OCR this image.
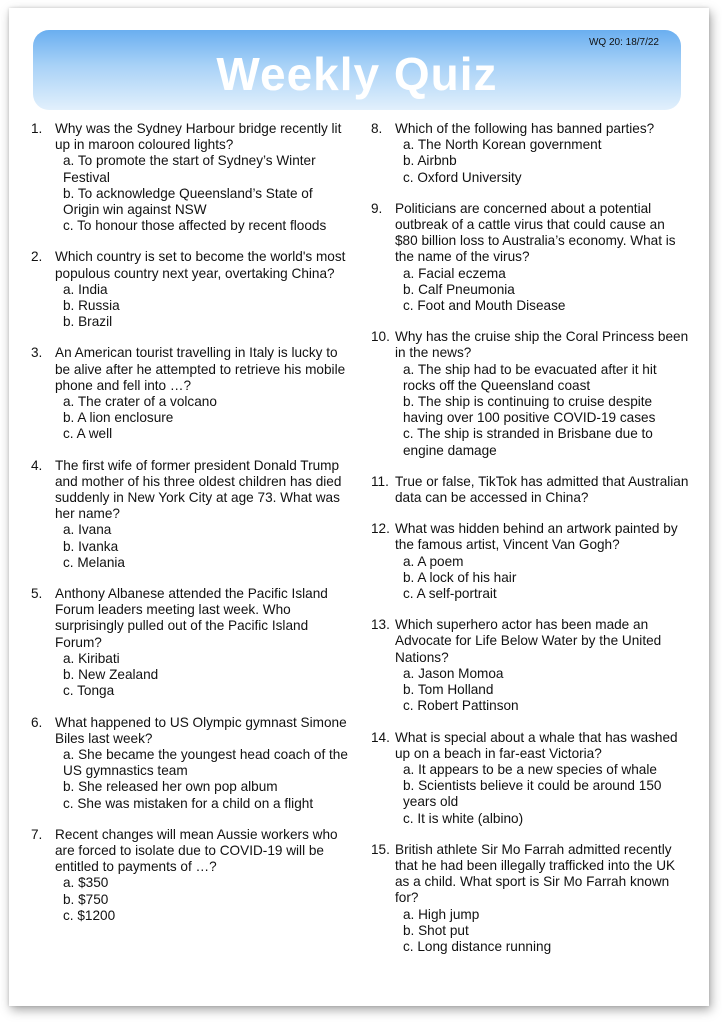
WQ 20: 18/7/22
Weekly Quiz
1. Why was the Sydney Harbour bridge recently lit up in maroon coloured lights?
a. To promote the start of Sydney’s Winter Festival
b. To acknowledge Queensland’s State of Origin win against NSW
c. To honour those affected by recent floods
2. Which country is set to become the world's most populous country next year, overtaking China?
a. India
b. Russia
b. Brazil
3. An American tourist travelling in Italy is lucky to be alive after he attempted to retrieve his mobile phone and fell into …?
a. The crater of a volcano
b. A lion enclosure
c. A well
4. The first wife of former president Donald Trump and mother of his three oldest children has died suddenly in New York City at age 73. What was her name?
a. Ivana
b. Ivanka
c. Melania
5. Anthony Albanese attended the Pacific Island Forum leaders meeting last week. Who surprisingly pulled out of the Pacific Island Forum?
a. Kiribati
b. New Zealand
c. Tonga
6. What happened to US Olympic gymnast Simone Biles last week?
a. She became the youngest head coach of the US gymnastics team
b. She released her own pop album
c. She was mistaken for a child on a flight
7. Recent changes will mean Aussie workers who are forced to isolate due to COVID-19 will be entitled to payments of …?
a. $350
b. $750
c. $1200
8. Which of the following has banned parties?
a. The North Korean government
b. Airbnb
c. Oxford University
9. Politicians are concerned about a potential outbreak of a cattle virus that could cause an $80 billion loss to Australia’s economy. What is the name of the virus?
a. Facial eczema
b. Calf Pneumonia
c. Foot and Mouth Disease
10. Why has the cruise ship the Coral Princess been in the news?
a. The ship had to be evacuated after it hit rocks off the Queensland coast
b. The ship is continuing to cruise despite having over 100 positive COVID-19 cases
c. The ship is stranded in Brisbane due to engine damage
11. True or false, TikTok has admitted that Australian data can be accessed in China?
12. What was hidden behind an artwork painted by the famous artist, Vincent Van Gogh?
a. A poem
b. A lock of his hair
c. A self-portrait
13. Which superhero actor has been made an Advocate for Life Below Water by the United Nations?
a. Jason Momoa
b. Tom Holland
c. Robert Pattinson
14. What is special about a whale that has washed up on a beach in far-east Victoria?
a. It appears to be a new species of whale
b. Scientists believe it could be around 150 years old
c. It is white (albino)
15. British athlete Sir Mo Farrah admitted recently that he had been illegally trafficked into the UK as a child. What sport is Sir Mo Farrah known for?
a. High jump
b. Shot put
c. Long distance running
